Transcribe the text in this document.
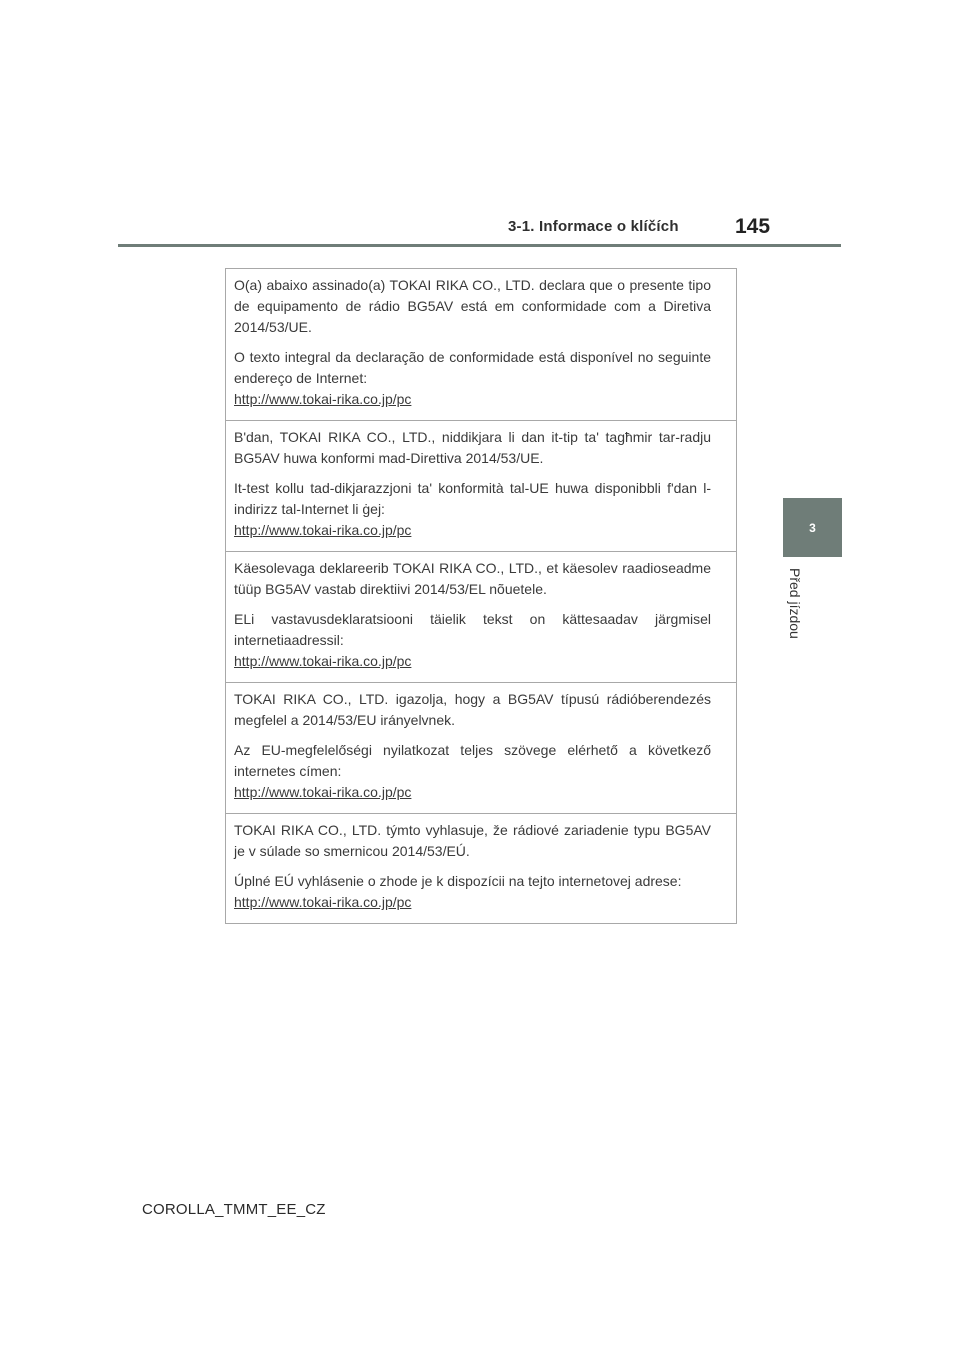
3-1. Informace o klíčích	145
3
Před jízdou

O(a) abaixo assinado(a) TOKAI RIKA CO., LTD. declara que o presente tipo de equipamento de rádio BG5AV está em conformidade com a Diretiva 2014/53/UE.

O texto integral da declaração de conformidade está disponível no seguinte endereço de Internet:

http://www.tokai-rika.co.jp/pc

B'dan, TOKAI RIKA CO., LTD., niddikjara li dan it-tip ta' tagħmir tar-radju BG5AV huwa konformi mad-Direttiva 2014/53/UE.

It-test kollu tad-dikjarazzjoni ta' konformità tal-UE huwa disponibbli f'dan l-indirizz tal-Internet li ġej:

http://www.tokai-rika.co.jp/pc

Käesolevaga deklareerib TOKAI RIKA CO., LTD., et käesolev raadioseadme tüüp BG5AV vastab direktiivi 2014/53/EL nõuetele.

ELi vastavusdeklaratsiooni täielik tekst on kättesaadav järgmisel internetiaadressil:

http://www.tokai-rika.co.jp/pc

TOKAI RIKA CO., LTD. igazolja, hogy a BG5AV típusú rádióberendezés megfelel a 2014/53/EU irányelvnek.

Az EU-megfelelőségi nyilatkozat teljes szövege elérhető a következő internetes címen:

http://www.tokai-rika.co.jp/pc

TOKAI RIKA CO., LTD. týmto vyhlasuje, že rádiové zariadenie typu BG5AV je v súlade so smernicou 2014/53/EÚ.

Úplné EÚ vyhlásenie o zhode je k dispozícii na tejto internetovej adrese:

http://www.tokai-rika.co.jp/pc
COROLLA_TMMT_EE_CZ
